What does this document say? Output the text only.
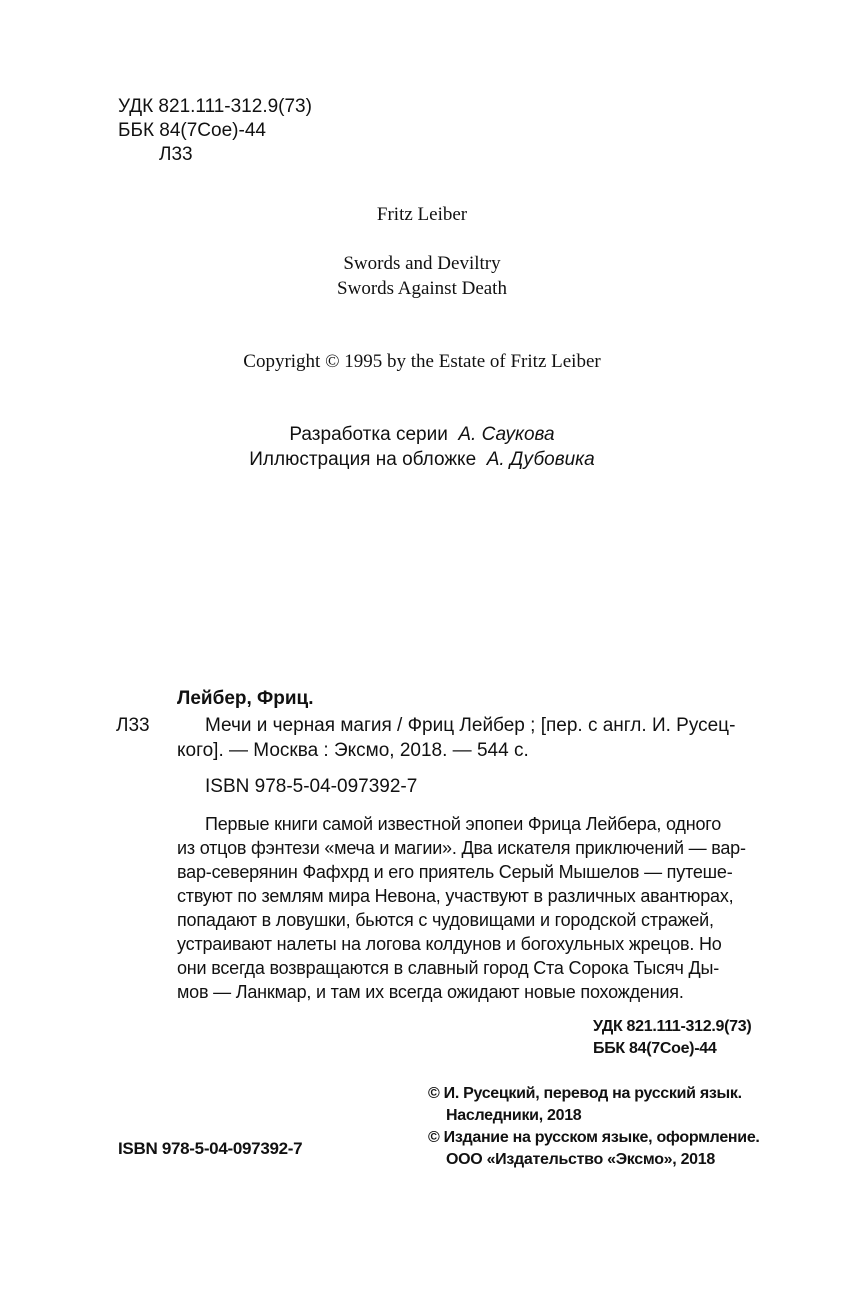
УДК 821.111-312.9(73)
ББК 84(7Сое)-44
Л33
Fritz Leiber
Swords and Deviltry
Swords Against Death
Copyright © 1995 by the Estate of Fritz Leiber
Разработка серии А. Саукова
Иллюстрация на обложке А. Дубовика
Лейбер, Фриц.
Л33	Мечи и черная магия / Фриц Лейбер ; [пер. с англ. И. Русец-
кого]. — Москва : Эксмо, 2018. — 544 с.
ISBN 978-5-04-097392-7

Первые книги самой известной эпопеи Фрица Лейбера, одного

из отцов фэнтези «меча и магии». Два искателя приключений — вар-

вар-северянин Фафхрд и его приятель Серый Мышелов — путеше-

ствуют по землям мира Невона, участвуют в различных авантюрах,

попадают в ловушки, бьются с чудовищами и городской стражей,

устраивают налеты на логова колдунов и богохульных жрецов. Но

они всегда возвращаются в славный город Ста Сорока Тысяч Ды-

мов — Ланкмар, и там их всегда ожидают новые похождения.

УДК 821.111-312.9(73)
ББК 84(7Сое)-44
© И. Русецкий, перевод на русский язык.
Наследники, 2018
© Издание на русском языке, оформление.
ООО «Издательство «Эксмо», 2018
ISBN 978-5-04-097392-7
